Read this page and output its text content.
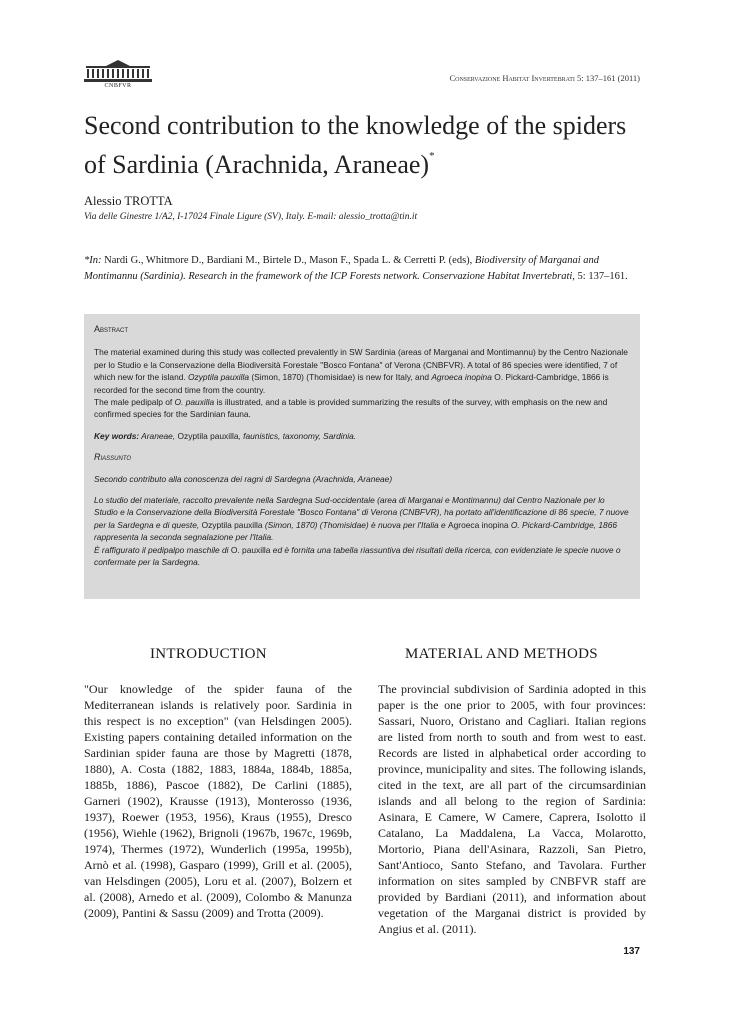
CNBFVR
Conservazione Habitat Invertebrati 5: 137–161 (2011)
Second contribution to the knowledge of the spiders of Sardinia (Arachnida, Araneae)*
Alessio TROTTA
Via delle Ginestre 1/A2, I-17024 Finale Ligure (SV), Italy. E-mail: alessio_trotta@tin.it
*In: Nardi G., Whitmore D., Bardiani M., Birtele D., Mason F., Spada L. & Cerretti P. (eds), Biodiversity of Marganai and Montimannu (Sardinia). Research in the framework of the ICP Forests network. Conservazione Habitat Invertebrati, 5: 137–161.

Abstract

The material examined during this study was collected prevalently in SW Sardinia (areas of Marganai and Montimannu) by the Centro Nazionale per lo Studio e la Conservazione della Biodiversità Forestale "Bosco Fontana" of Verona (CNBFVR). A total of 86 species were identified, 7 of which new for the island. Ozyptila pauxilla (Simon, 1870) (Thomisidae) is new for Italy, and Agroeca inopina O. Pickard-Cambridge, 1866 is recorded for the second time from the country.

The male pedipalp of O. pauxilla is illustrated, and a table is provided summarizing the results of the survey, with emphasis on the new and confirmed species for the Sardinian fauna.

Key words: Araneae, Ozyptila pauxilla, faunistics, taxonomy, Sardinia.

Riassunto

Secondo contributo alla conoscenza dei ragni di Sardegna (Arachnida, Araneae)

Lo studio del materiale, raccolto prevalente nella Sardegna Sud-occidentale (area di Marganai e Montimannu) dal Centro Nazionale per lo Studio e la Conservazione della Biodiversità Forestale "Bosco Fontana" di Verona (CNBFVR), ha portato all'identificazione di 86 specie, 7 nuove per la Sardegna e di queste, Ozyptila pauxilla (Simon, 1870) (Thomisidae) è nuova per l'Italia e Agroeca inopina O. Pickard-Cambridge, 1866 rappresenta la seconda segnalazione per l'Italia.

È raffigurato il pedipalpo maschile di O. pauxilla ed è fornita una tabella riassuntiva dei risultati della ricerca, con evidenziate le specie nuove o confermate per la Sardegna.

INTRODUCTION	MATERIAL AND METHODS
"Our knowledge of the spider fauna of the Mediterranean islands is relatively poor. Sardinia in this respect is no exception" (van Helsdingen 2005). Existing papers containing detailed information on the Sardinian spider fauna are those by Magretti (1878, 1880), A. Costa (1882, 1883, 1884a, 1884b, 1885a, 1885b, 1886), Pascoe (1882), De Carlini (1885), Garneri (1902), Krausse (1913), Monterosso (1936, 1937), Roewer (1953, 1956), Kraus (1955), Dresco (1956), Wiehle (1962), Brignoli (1967b, 1967c, 1969b, 1974), Thermes (1972), Wunderlich (1995a, 1995b), Arnò et al. (1998), Gasparo (1999), Grill et al. (2005), van Helsdingen (2005), Loru et al. (2007), Bolzern et al. (2008), Arnedo et al. (2009), Colombo & Manunza (2009), Pantini & Sassu (2009) and Trotta (2009).
The provincial subdivision of Sardinia adopted in this paper is the one prior to 2005, with four provinces: Sassari, Nuoro, Oristano and Cagliari. Italian regions are listed from north to south and from west to east. Records are listed in alphabetical order according to province, municipality and sites. The following islands, cited in the text, are all part of the circumsardinian islands and all belong to the region of Sardinia: Asinara, E Camere, W Camere, Caprera, Isolotto il Catalano, La Maddalena, La Vacca, Molarotto, Mortorio, Piana dell'Asinara, Razzoli, San Pietro, Sant'Antioco, Santo Stefano, and Tavolara. Further information on sites sampled by CNBFVR staff are provided by Bardiani (2011), and information about vegetation of the Marganai district is provided by Angius et al. (2011).
137
